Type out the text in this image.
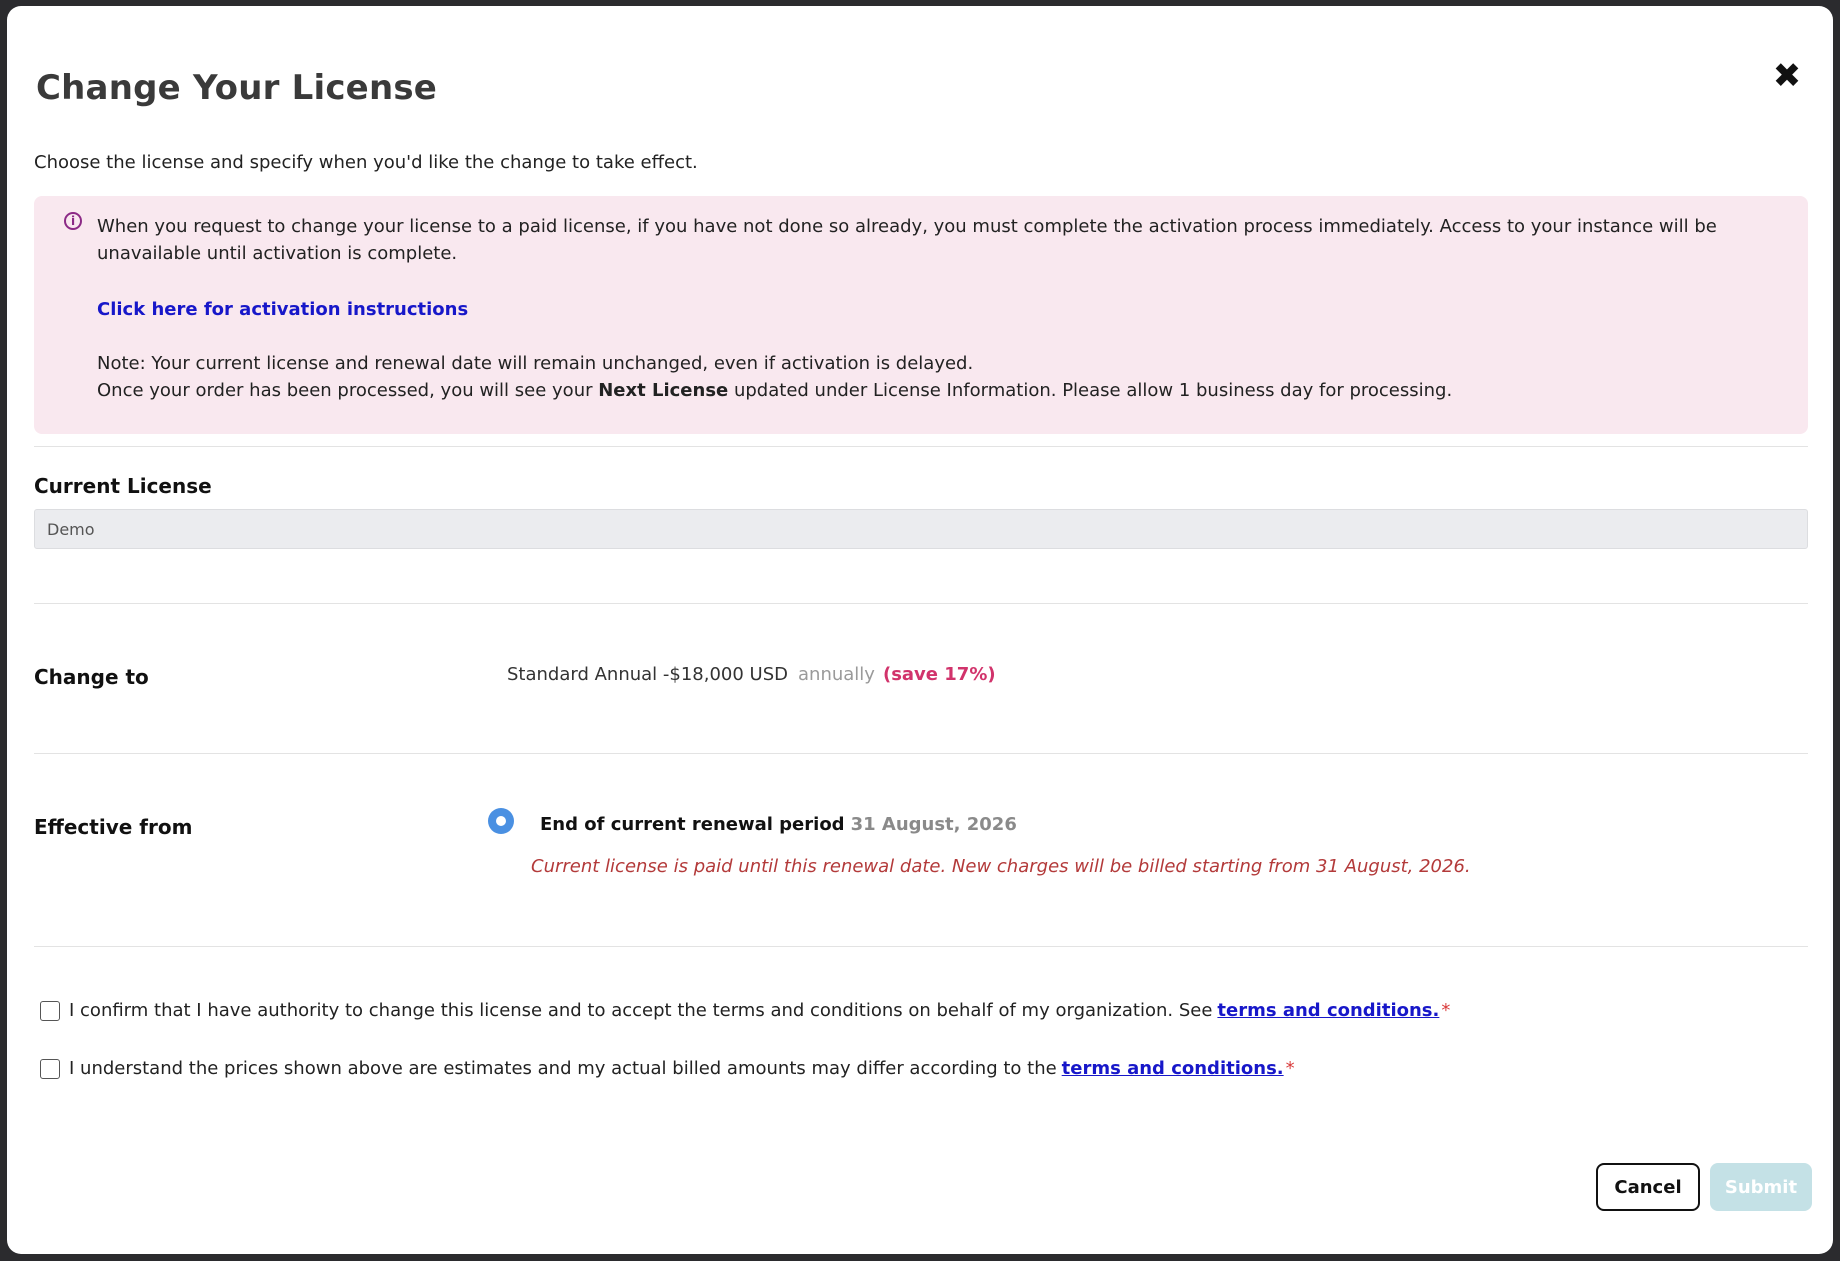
Change Your License	✖
Choose the license and specify when you'd like the change to take effect.
i	When you request to change your license to a paid license, if you have not done so already, you must complete the activation process immediately. Access to your instance will be unavailable until activation is complete.
Click here for activation instructions
Note: Your current license and renewal date will remain unchanged, even if activation is delayed.
Once your order has been processed, you will see your Next License updated under License Information. Please allow 1 business day for processing.
Current License
Demo
Change to	Standard Annual -$18,000 USD annually (save 17%)
Effective from	End of current renewal period 31 August, 2026
Current license is paid until this renewal date. New charges will be billed starting from 31 August, 2026.
I confirm that I have authority to change this license and to accept the terms and conditions on behalf of my organization. See terms and conditions. *
I understand the prices shown above are estimates and my actual billed amounts may differ according to the terms and conditions. *
Cancel	Submit
